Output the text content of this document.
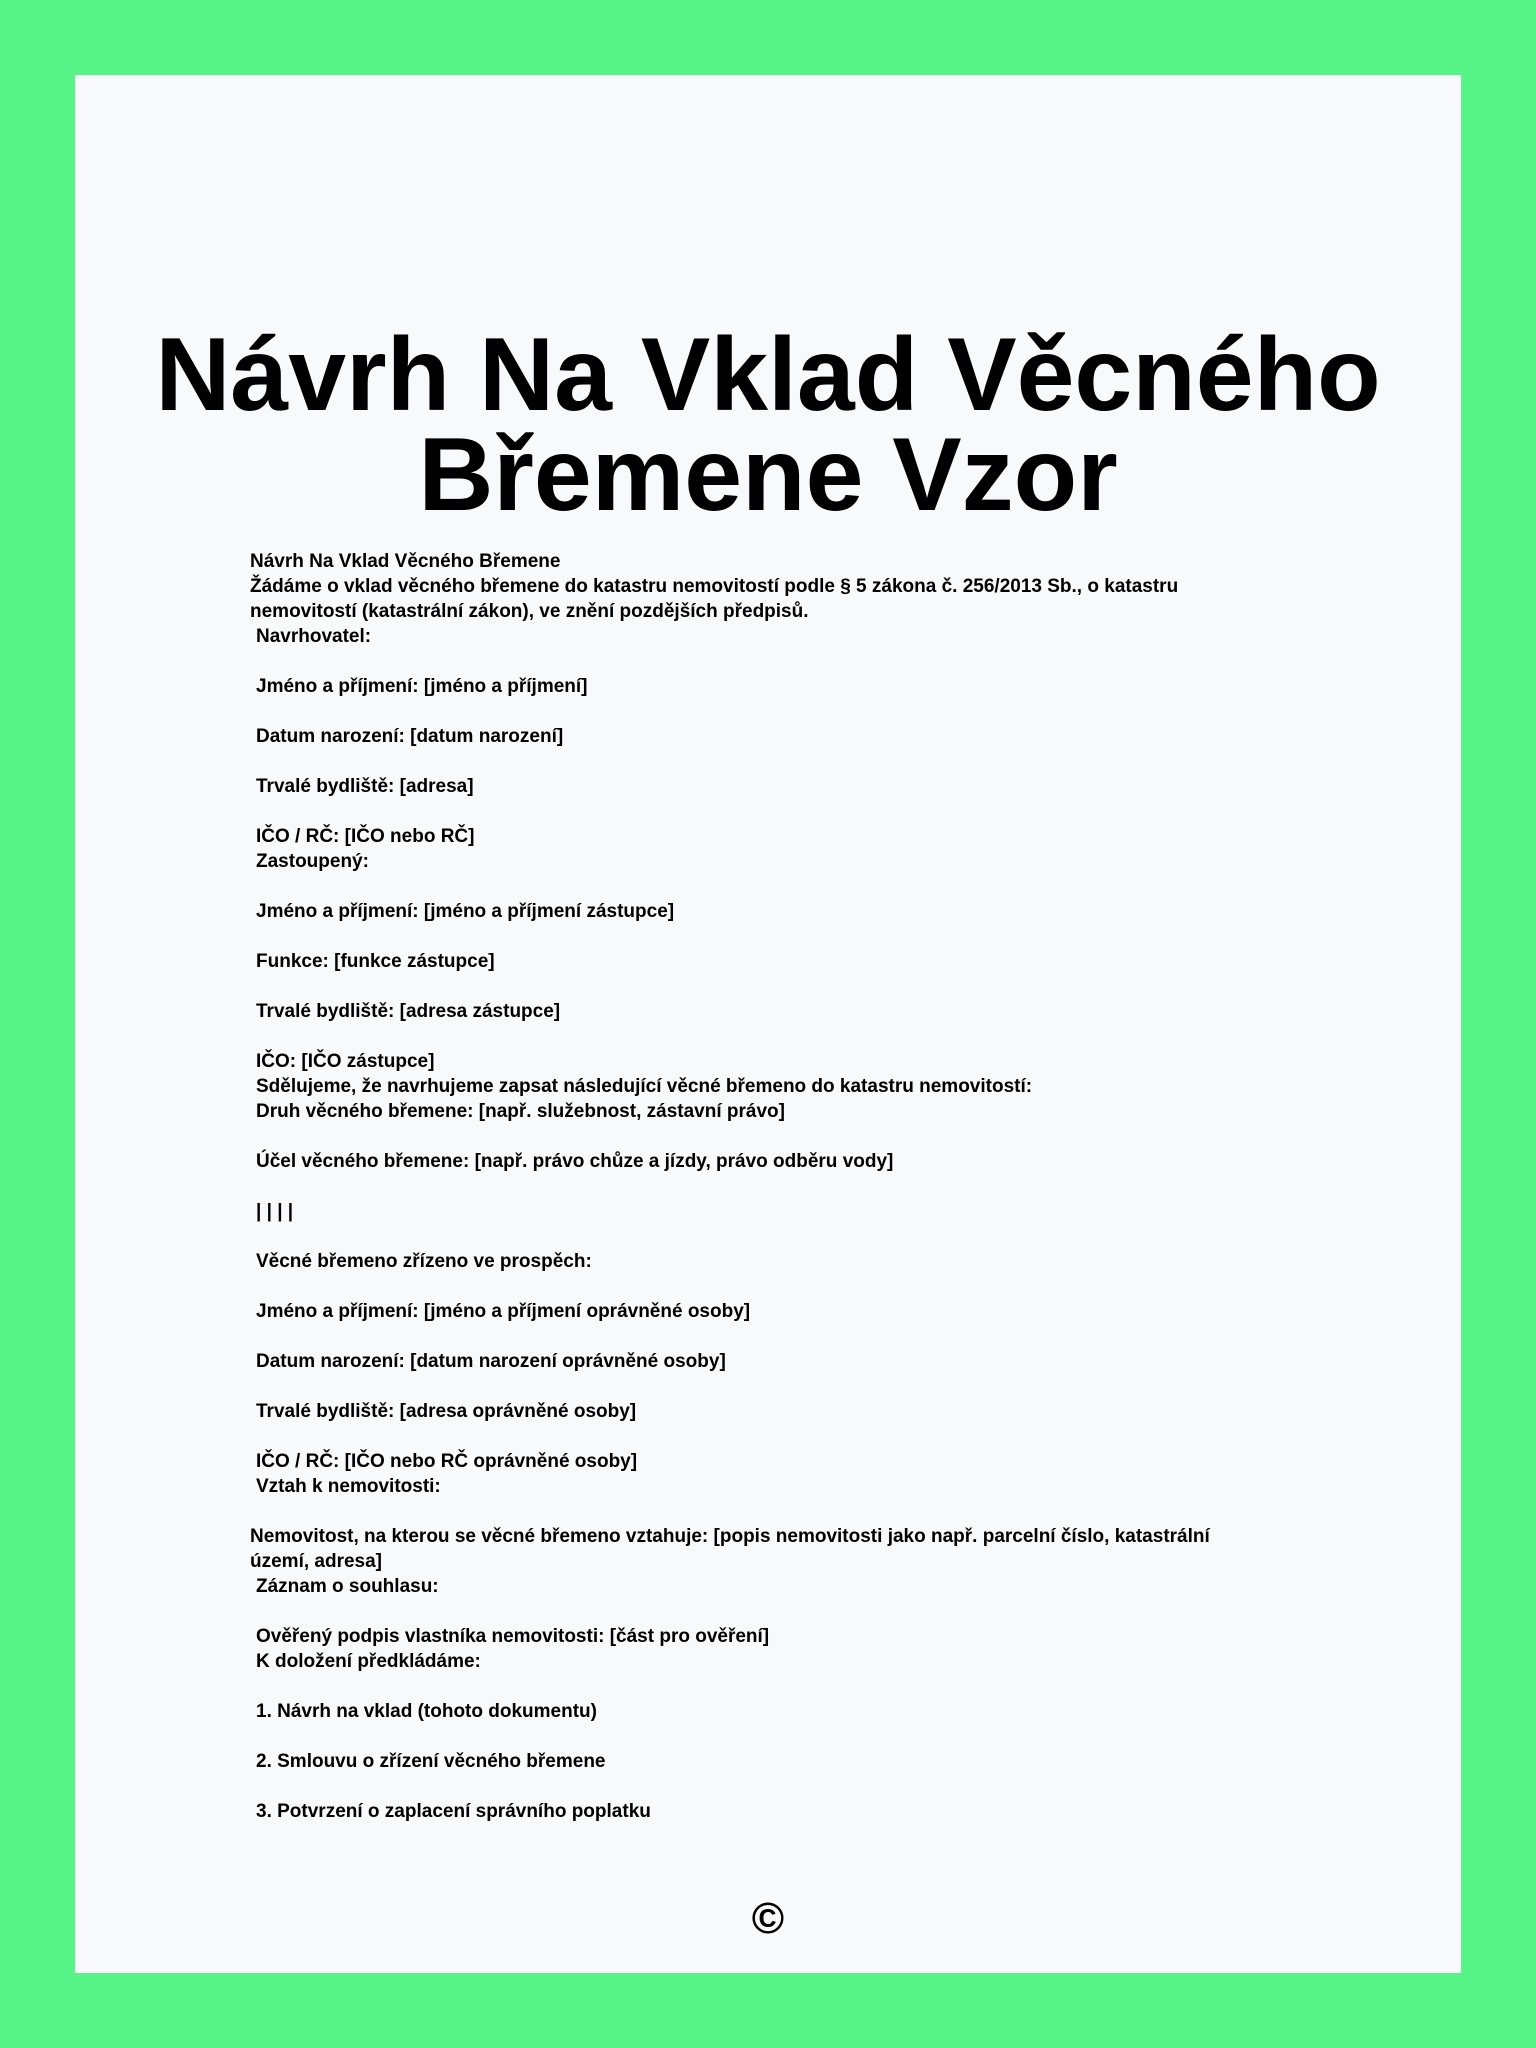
Návrh Na Vklad Věcného
Břemene Vzor

Návrh Na Vklad Věcného Břemene

Žádáme o vklad věcného břemene do katastru nemovitostí podle § 5 zákona č. 256/2013 Sb., o katastru

nemovitostí (katastrální zákon), ve znění pozdějších předpisů.

Navrhovatel:

Jméno a příjmení: [jméno a příjmení]

Datum narození: [datum narození]

Trvalé bydliště: [adresa]

IČO / RČ: [IČO nebo RČ]

Zastoupený:

Jméno a příjmení: [jméno a příjmení zástupce]

Funkce: [funkce zástupce]

Trvalé bydliště: [adresa zástupce]

IČO: [IČO zástupce]

Sdělujeme, že navrhujeme zapsat následující věcné břemeno do katastru nemovitostí:

Druh věcného břemene: [např. služebnost, zástavní právo]

Účel věcného břemene: [např. právo chůze a jízdy, právo odběru vody]

| | | |

Věcné břemeno zřízeno ve prospěch:

Jméno a příjmení: [jméno a příjmení oprávněné osoby]

Datum narození: [datum narození oprávněné osoby]

Trvalé bydliště: [adresa oprávněné osoby]

IČO / RČ: [IČO nebo RČ oprávněné osoby]

Vztah k nemovitosti:

Nemovitost, na kterou se věcné břemeno vztahuje: [popis nemovitosti jako např. parcelní číslo, katastrální

území, adresa]

Záznam o souhlasu:

Ověřený podpis vlastníka nemovitosti: [část pro ověření]

K doložení předkládáme:

1. Návrh na vklad (tohoto dokumentu)

2. Smlouvu o zřízení věcného břemene

3. Potvrzení o zaplacení správního poplatku

©
